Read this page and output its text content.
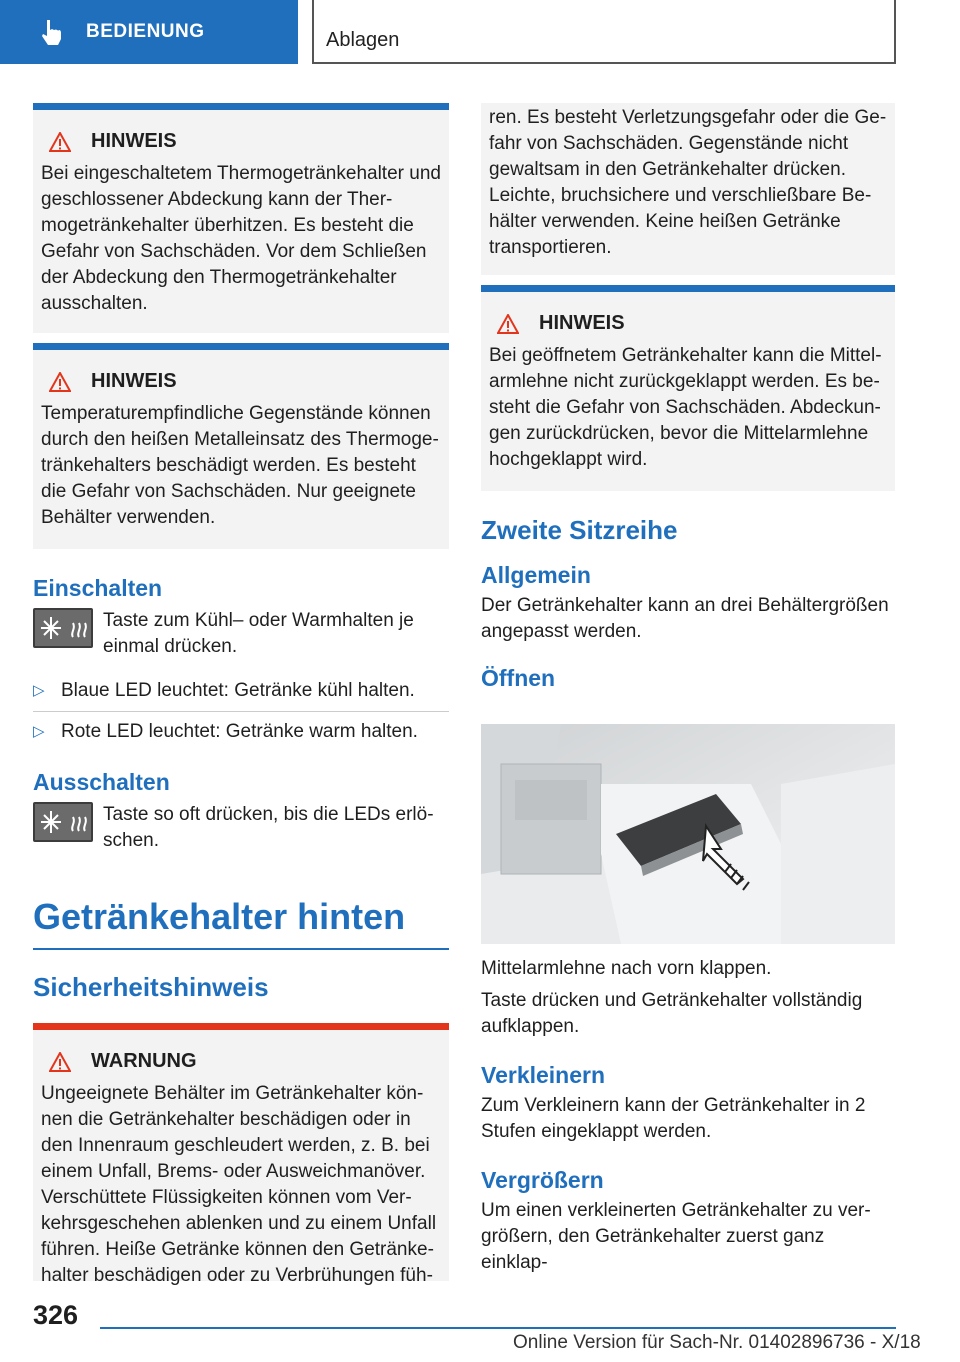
BEDIENUNG	Ablagen
HINWEIS
Bei eingeschaltetem Thermogetränkehalter und geschlossener Abdeckung kann der Thermogetränkehalter überhitzen. Es besteht die Gefahr von Sachschäden. Vor dem Schließen der Abdeckung den Thermogetränkehalter ausschalten.
HINWEIS
Temperaturempfindliche Gegenstände können durch den heißen Metalleinsatz des Thermogetränkehalters beschädigt werden. Es besteht die Gefahr von Sachschäden. Nur geeignete Behälter verwenden.
Einschalten

Taste zum Kühl– oder Warmhalten je einmal drücken.

▷ Blaue LED leuchtet: Getränke kühl halten.
▷ Rote LED leuchtet: Getränke warm halten.
Ausschalten

Taste so oft drücken, bis die LEDs erlöschen.

Getränkehalter hinten
Sicherheitshinweis
WARNUNG
Ungeeignete Behälter im Getränkehalter können die Getränkehalter beschädigen oder in den Innenraum geschleudert werden, z. B. bei einem Unfall, Brems- oder Ausweichmanöver. Verschüttete Flüssigkeiten können vom Verkehrsgeschehen ablenken und zu einem Unfall führen. Heiße Getränke können den Getränkehalter beschädigen oder zu Verbrühungen füh-
ren. Es besteht Verletzungsgefahr oder die Gefahr von Sachschäden. Gegenstände nicht gewaltsam in den Getränkehalter drücken. Leichte, bruchsichere und verschließbare Behälter verwenden. Keine heißen Getränke transportieren.
HINWEIS
Bei geöffnetem Getränkehalter kann die Mittelarmlehne nicht zurückgeklappt werden. Es besteht die Gefahr von Sachschäden. Abdeckungen zurückdrücken, bevor die Mittelarmlehne hochgeklappt wird.
Zweite Sitzreihe
Allgemein

Der Getränkehalter kann an drei Behältergrößen angepasst werden.

Öffnen

Mittelarmlehne nach vorn klappen.

Taste drücken und Getränkehalter vollständig aufklappen.

Verkleinern

Zum Verkleinern kann der Getränkehalter in 2 Stufen eingeklappt werden.

Vergrößern

Um einen verkleinerten Getränkehalter zu vergrößern, den Getränkehalter zuerst ganz einklap-

326
Online Version für Sach-Nr. 01402896736 - X/18
